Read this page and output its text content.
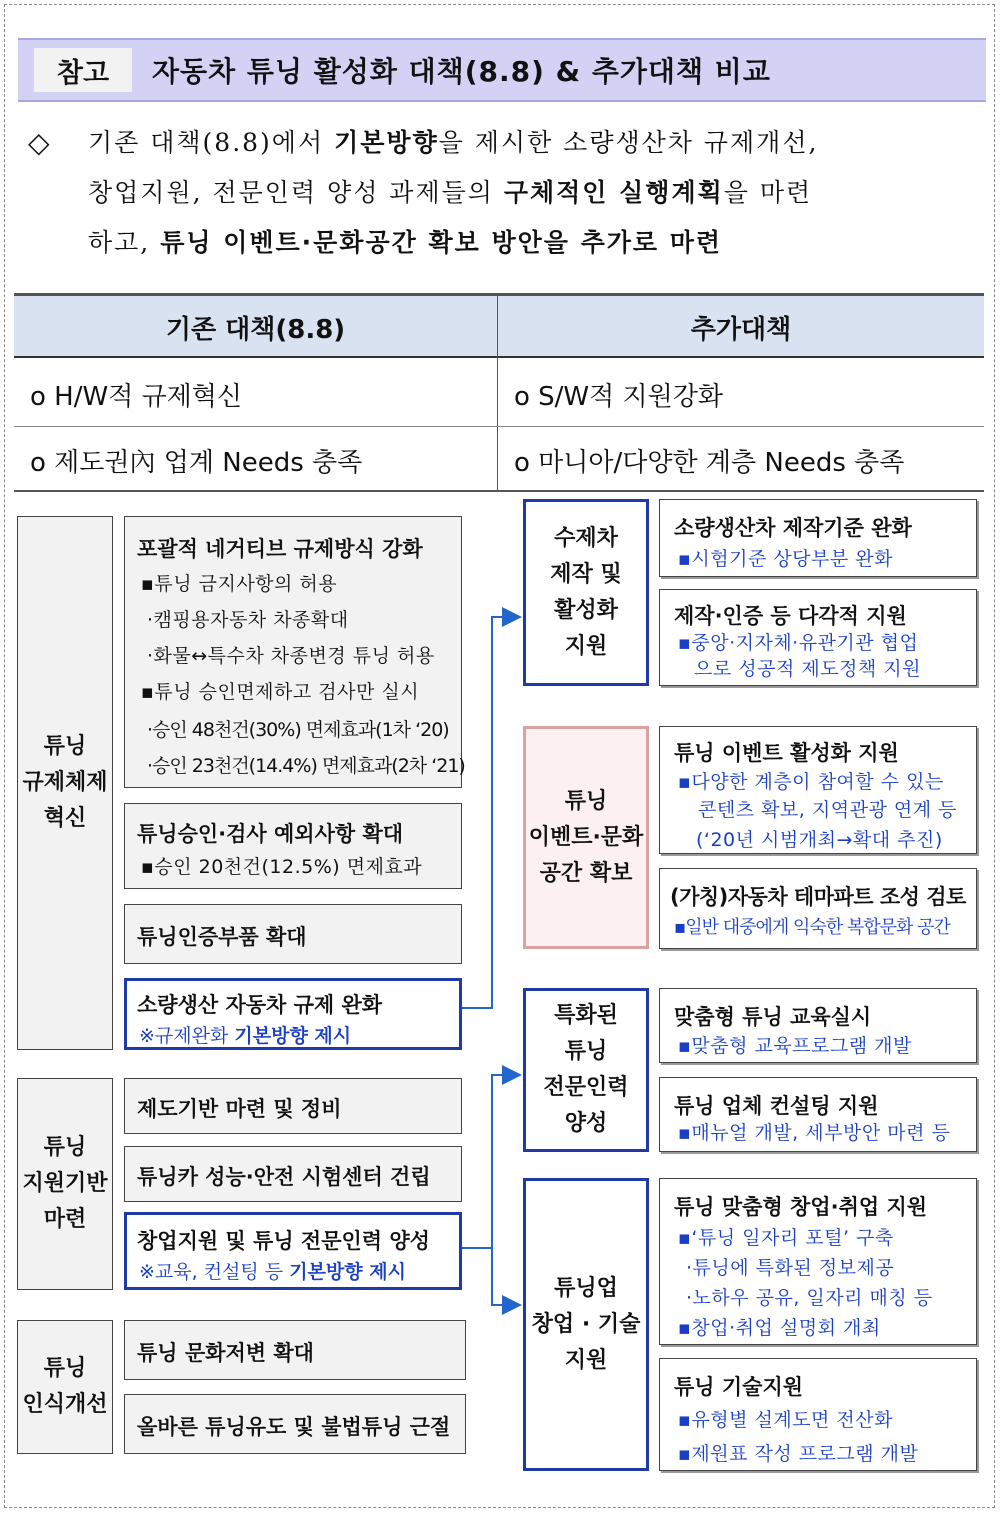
참고	자동차 튜닝 활성화 대책(8.8) & 추가대책 비교
◇ 기존 대책(8.8)에서 기본방향을 제시한 소량생산차 규제개선,
창업지원, 전문인력 양성 과제들의 구체적인 실행계획을 마련
하고, 튜닝 이벤트·문화공간 확보 방안을 추가로 마련
기존 대책(8.8)	추가대책
o H/W적 규제혁신	o S/W적 지원강화
o 제도권內 업계 Needs 충족	o 마니아/다양한 계층 Needs 충족
튜닝
규제체제
혁신
튜닝
지원기반
마련
튜닝
인식개선
포괄적 네거티브 규제방식 강화
▪튜닝 금지사항의 허용
·캠핑용자동차 차종확대
·화물↔특수차 차종변경 튜닝 허용
▪튜닝 승인면제하고 검사만 실시
·승인 48천건(30%) 면제효과(1차 ‘20)
·승인 23천건(14.4%) 면제효과(2차 ‘21)
튜닝승인·검사 예외사항 확대
▪승인 20천건(12.5%) 면제효과
튜닝인증부품 확대
소량생산 자동차 규제 완화
※규제완화 기본방향 제시
제도기반 마련 및 정비
튜닝카 성능·안전 시험센터 건립
창업지원 및 튜닝 전문인력 양성
※교육, 컨설팅 등 기본방향 제시
튜닝 문화저변 확대
올바른 튜닝유도 및 불법튜닝 근절
수제차
제작 및
활성화
지원
튜닝
이벤트·문화
공간 확보
특화된
튜닝
전문인력
양성
튜닝업
창업 · 기술
지원
소량생산차 제작기준 완화
▪시험기준 상당부분 완화
제작·인증 등 다각적 지원
▪중앙·지자체·유관기관 협업
으로 성공적 제도정책 지원
튜닝 이벤트 활성화 지원
▪다양한 계층이 참여할 수 있는
콘텐츠 확보, 지역관광 연계 등
(‘20년 시범개최→확대 추진)
(가칭)자동차 테마파트 조성 검토
▪일반 대중에게 익숙한 복합문화 공간
맞춤형 튜닝 교육실시
▪맞춤형 교육프로그램 개발
튜닝 업체 컨설팅 지원
▪매뉴얼 개발, 세부방안 마련 등
튜닝 맞춤형 창업·취업 지원
▪‘튜닝 일자리 포털’ 구축
·튜닝에 특화된 정보제공
·노하우 공유, 일자리 매칭 등
▪창업·취업 설명회 개최
튜닝 기술지원
▪유형별 설계도면 전산화
▪제원표 작성 프로그램 개발
